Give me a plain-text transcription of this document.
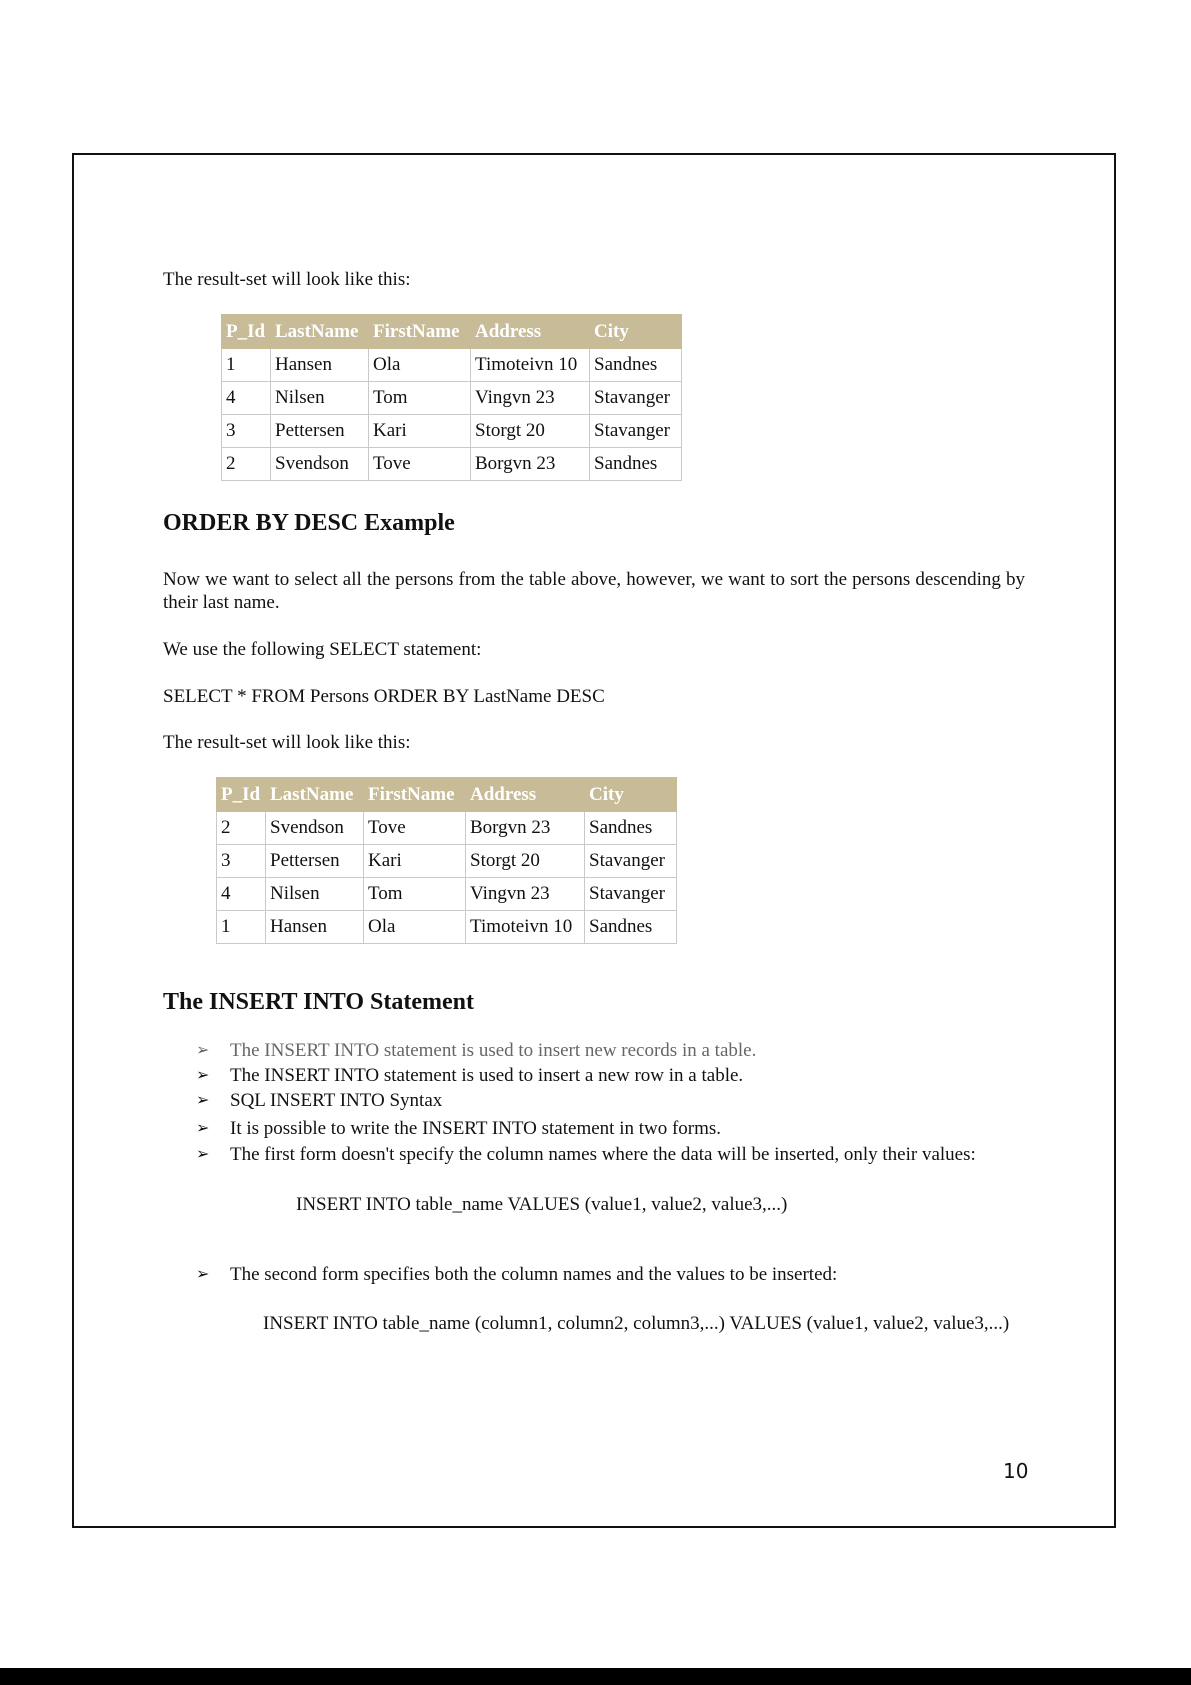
The result-set will look like this:

P_Id	LastName	FirstName	Address	City
1	Hansen	Ola	Timoteivn 10	Sandnes
4	Nilsen	Tom	Vingvn 23	Stavanger
3	Pettersen	Kari	Storgt 20	Stavanger
2	Svendson	Tove	Borgvn 23	Sandnes
ORDER BY DESC Example

Now we want to select all the persons from the table above, however, we want to sort the persons descending by their last name.

We use the following SELECT statement:

SELECT * FROM Persons ORDER BY LastName DESC

The result-set will look like this:

P_Id	LastName	FirstName	Address	City
2	Svendson	Tove	Borgvn 23	Sandnes
3	Pettersen	Kari	Storgt 20	Stavanger
4	Nilsen	Tom	Vingvn 23	Stavanger
1	Hansen	Ola	Timoteivn 10	Sandnes
The INSERT INTO Statement
➢ The INSERT INTO statement is used to insert new records in a table.
➢ The INSERT INTO statement is used to insert a new row in a table.
➢ SQL INSERT INTO Syntax
➢ It is possible to write the INSERT INTO statement in two forms.
➢ The first form doesn't specify the column names where the data will be inserted, only their values:

INSERT INTO table_name VALUES (value1, value2, value3,...)

➢ The second form specifies both the column names and the values to be inserted:

INSERT INTO table_name (column1, column2, column3,...) VALUES (value1, value2, value3,...)

10
